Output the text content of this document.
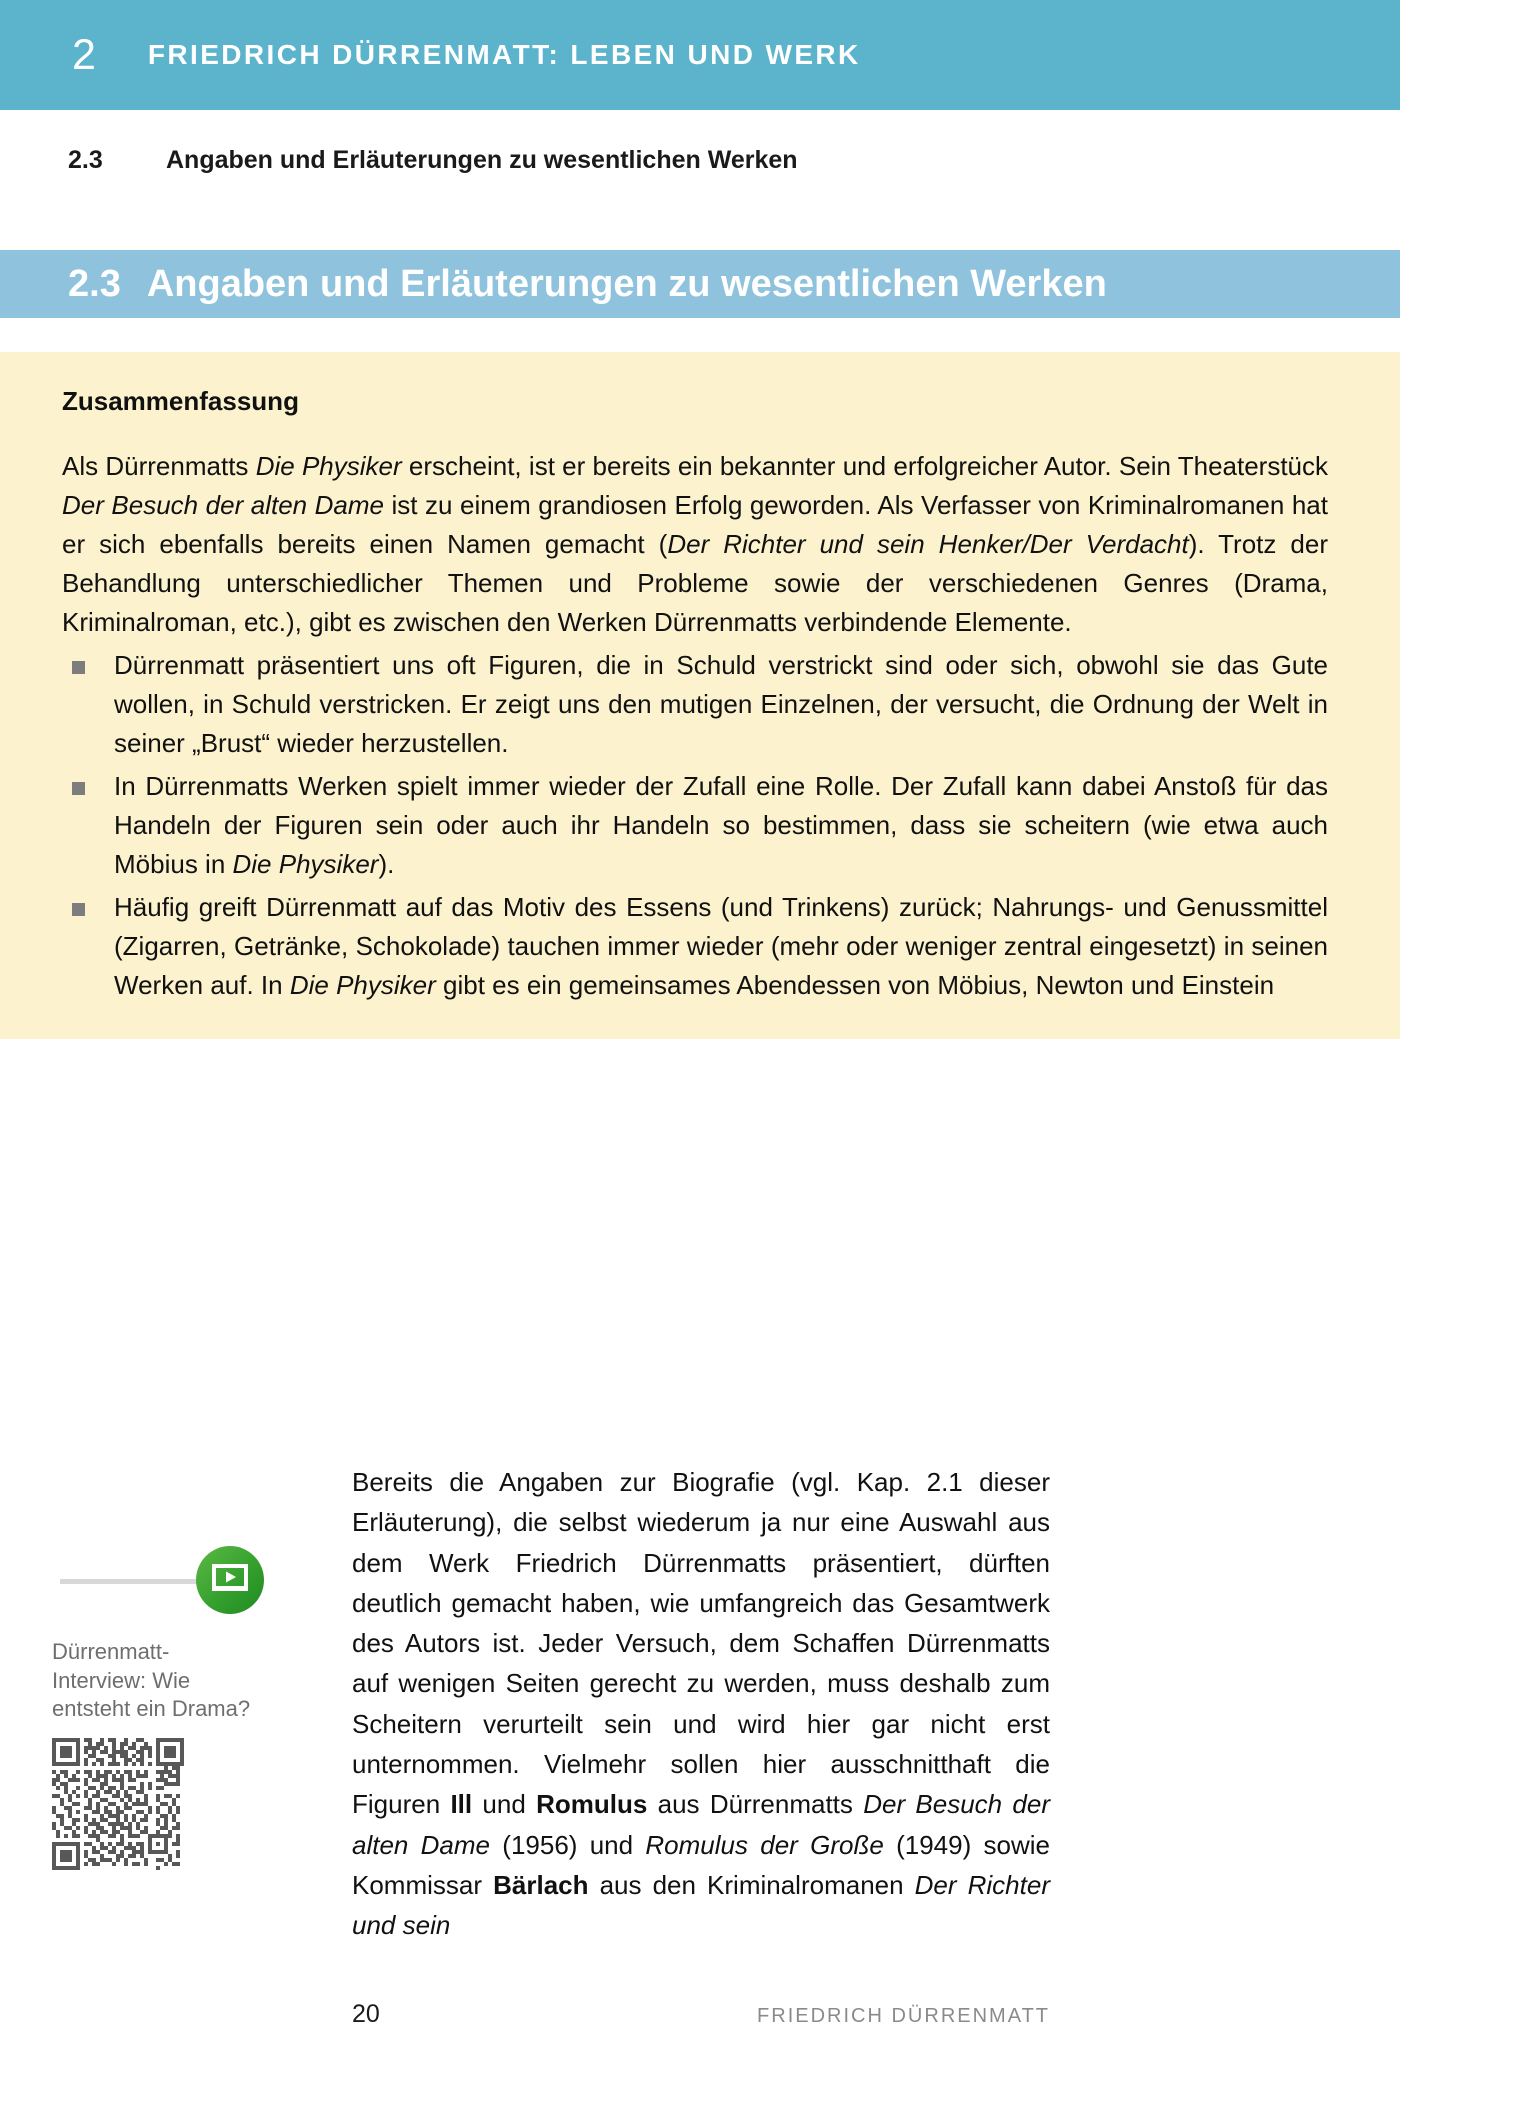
2 FRIEDRICH DÜRRENMATT: LEBEN UND WERK
2.3	Angaben und Erläuterungen zu wesentlichen Werken
2.3 Angaben und Erläuterungen zu wesentlichen Werken
Zusammenfassung

Als Dürrenmatts Die Physiker erscheint, ist er bereits ein bekannter und erfolgreicher Autor. Sein Theaterstück Der Besuch der alten Dame ist zu einem grandiosen Erfolg geworden. Als Verfasser von Kriminalromanen hat er sich ebenfalls bereits einen Namen gemacht (Der Richter und sein Henker/Der Verdacht). Trotz der Behandlung unterschiedlicher Themen und Probleme sowie der verschiedenen Genres (Drama, Kriminalroman, etc.), gibt es zwischen den Werken Dürrenmatts verbindende Elemente.

Dürrenmatt präsentiert uns oft Figuren, die in Schuld verstrickt sind oder sich, obwohl sie das Gute wollen, in Schuld verstricken. Er zeigt uns den mutigen Einzelnen, der versucht, die Ordnung der Welt in seiner „Brust“ wieder herzustellen.
In Dürrenmatts Werken spielt immer wieder der Zufall eine Rolle. Der Zufall kann dabei Anstoß für das Handeln der Figuren sein oder auch ihr Handeln so bestimmen, dass sie scheitern (wie etwa auch Möbius in Die Physiker).
Häufig greift Dürrenmatt auf das Motiv des Essens (und Trinkens) zurück; Nahrungs- und Genussmittel (Zigarren, Getränke, Schokolade) tauchen immer wieder (mehr oder weniger zentral eingesetzt) in seinen Werken auf. In Die Physiker gibt es ein gemeinsames Abendessen von Möbius, Newton und Einstein
Dürrenmatt-Interview: Wie entsteht ein Drama?

Bereits die Angaben zur Biografie (vgl. Kap. 2.1 dieser Erläuterung), die selbst wiederum ja nur eine Auswahl aus dem Werk Friedrich Dürrenmatts präsentiert, dürften deutlich gemacht haben, wie umfangreich das Gesamtwerk des Autors ist. Jeder Versuch, dem Schaffen Dürrenmatts auf wenigen Seiten gerecht zu werden, muss deshalb zum Scheitern verurteilt sein und wird hier gar nicht erst unternommen. Vielmehr sollen hier ausschnitthaft die Figuren Ill und Romulus aus Dürrenmatts Der Besuch der alten Dame (1956) und Romulus der Große (1949) sowie Kommissar Bärlach aus den Kriminalromanen Der Richter und sein

20	FRIEDRICH DÜRRENMATT
